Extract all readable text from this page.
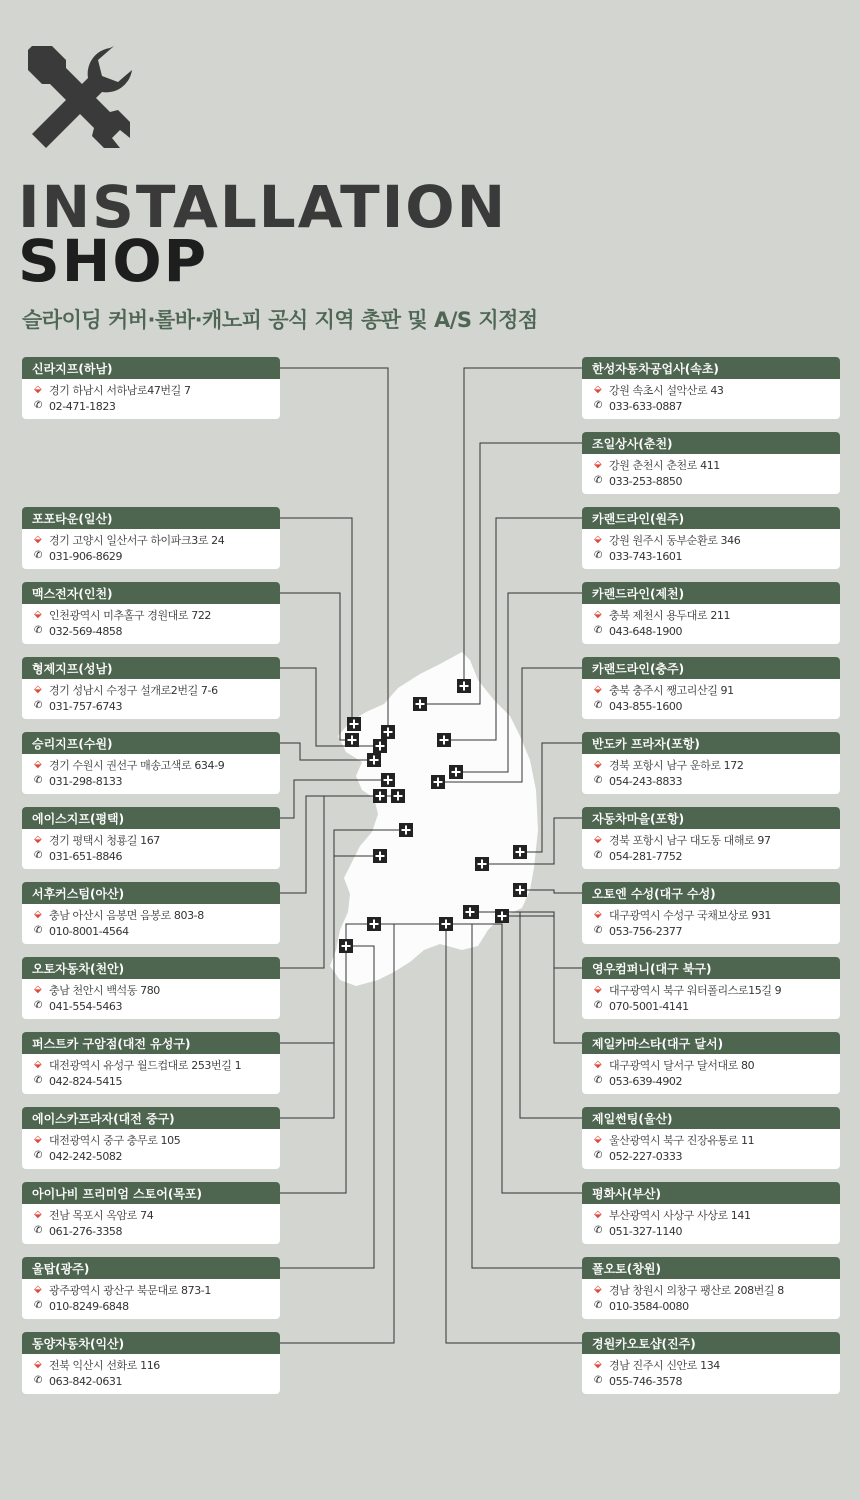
INSTALLATION
SHOP
슬라이딩 커버·롤바·캐노피 공식 지역 총판 및 A/S 지정점
신라지프(하남)
⬙ 경기 하남시 서하남로47번길 7
✆ 02-471-1823
포포타운(일산)
⬙ 경기 고양시 일산서구 하이파크3로 24
✆ 031-906-8629
맥스전자(인천)
⬙ 인천광역시 미추홀구 경원대로 722
✆ 032-569-4858
형제지프(성남)
⬙ 경기 성남시 수정구 설개로2번길 7-6
✆ 031-757-6743
승리지프(수원)
⬙ 경기 수원시 권선구 매송고색로 634-9
✆ 031-298-8133
에이스지프(평택)
⬙ 경기 평택시 청룡길 167
✆ 031-651-8846
서후커스텀(아산)
⬙ 충남 아산시 음봉면 음봉로 803-8
✆ 010-8001-4564
오토자동차(천안)
⬙ 충남 천안시 백석동 780
✆ 041-554-5463
퍼스트카 구암점(대전 유성구)
⬙ 대전광역시 유성구 월드컵대로 253번길 1
✆ 042-824-5415
에이스카프라자(대전 중구)
⬙ 대전광역시 중구 충무로 105
✆ 042-242-5082
아이나비 프리미엄 스토어(목포)
⬙ 전남 목포시 옥암로 74
✆ 061-276-3358
울탑(광주)
⬙ 광주광역시 광산구 북문대로 873-1
✆ 010-8249-6848
동양자동차(익산)
⬙ 전북 익산시 선화로 116
✆ 063-842-0631
한성자동차공업사(속초)
⬙ 강원 속초시 설악산로 43
✆ 033-633-0887
조일상사(춘천)
⬙ 강원 춘천시 춘천로 411
✆ 033-253-8850
카랜드라인(원주)
⬙ 강원 원주시 동부순환로 346
✆ 033-743-1601
카랜드라인(제천)
⬙ 충북 제천시 용두대로 211
✆ 043-648-1900
카랜드라인(충주)
⬙ 충북 충주시 쨍고리산길 91
✆ 043-855-1600
반도카 프라자(포항)
⬙ 경북 포항시 남구 운하로 172
✆ 054-243-8833
자동차마을(포항)
⬙ 경북 포항시 남구 대도동 대해로 97
✆ 054-281-7752
오토엔 수성(대구 수성)
⬙ 대구광역시 수성구 국채보상로 931
✆ 053-756-2377
영우컴퍼니(대구 북구)
⬙ 대구광역시 북구 워터폴리스로15길 9
✆ 070-5001-4141
제일카마스타(대구 달서)
⬙ 대구광역시 달서구 달서대로 80
✆ 053-639-4902
제일썬팅(울산)
⬙ 울산광역시 북구 진장유통로 11
✆ 052-227-0333
평화사(부산)
⬙ 부산광역시 사상구 사상로 141
✆ 051-327-1140
폴오토(창원)
⬙ 경남 창원시 의창구 팽산로 208번길 8
✆ 010-3584-0080
경원카오토샵(진주)
⬙ 경남 진주시 신안로 134
✆ 055-746-3578
